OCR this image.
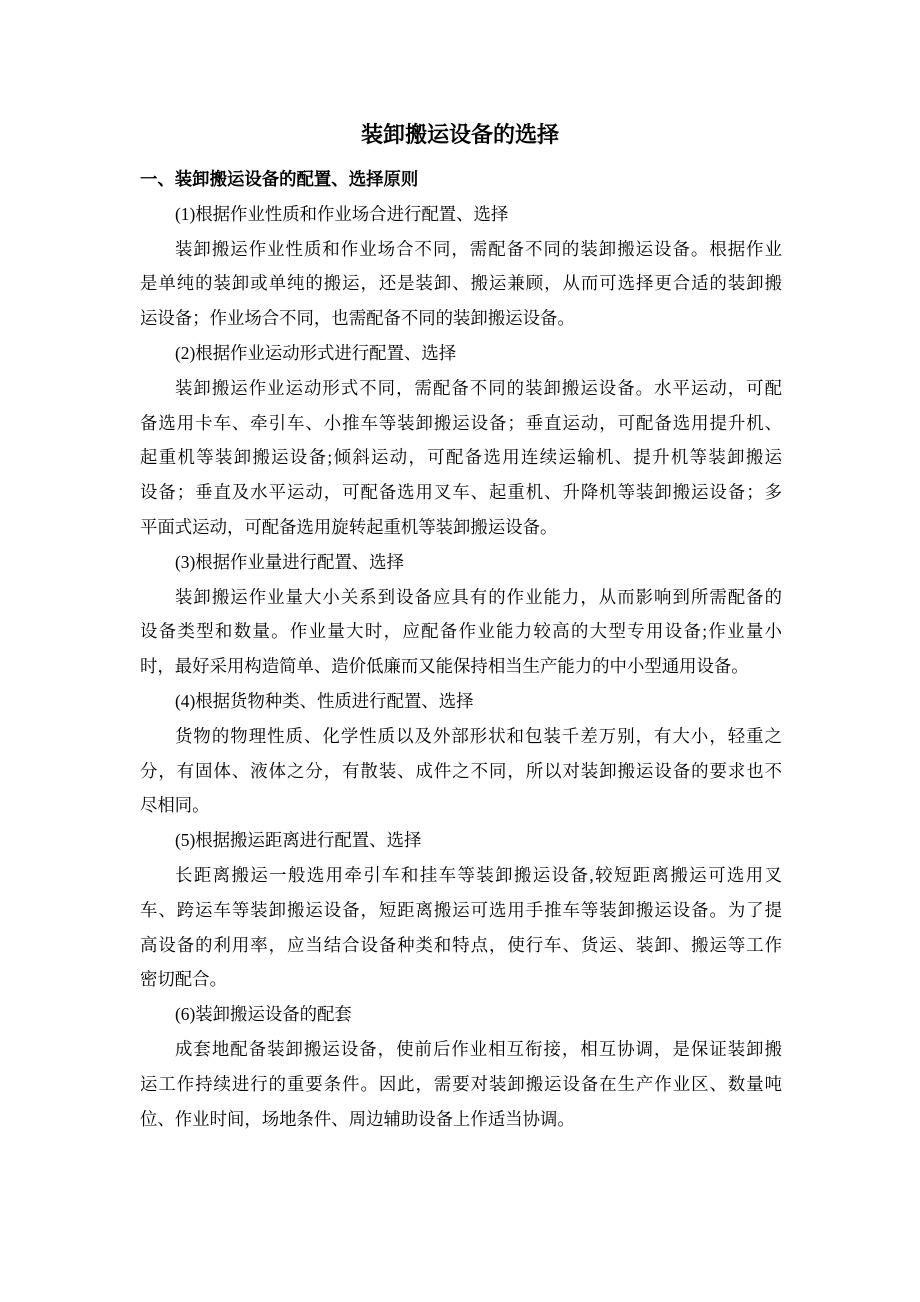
装卸搬运设备的选择
一、装卸搬运设备的配置、选择原则
(1)根据作业性质和作业场合进行配置、选择
装卸搬运作业性质和作业场合不同，需配备不同的装卸搬运设备。根据作业
是单纯的装卸或单纯的搬运，还是装卸、搬运兼顾，从而可选择更合适的装卸搬
运设备；作业场合不同，也需配备不同的装卸搬运设备。
(2)根据作业运动形式进行配置、选择
装卸搬运作业运动形式不同，需配备不同的装卸搬运设备。水平运动，可配
备选用卡车、牵引车、小推车等装卸搬运设备；垂直运动，可配备选用提升机、
起重机等装卸搬运设备;倾斜运动，可配备选用连续运输机、提升机等装卸搬运
设备；垂直及水平运动，可配备选用叉车、起重机、升降机等装卸搬运设备；多
平面式运动，可配备选用旋转起重机等装卸搬运设备。
(3)根据作业量进行配置、选择
装卸搬运作业量大小关系到设备应具有的作业能力，从而影响到所需配备的
设备类型和数量。作业量大时，应配备作业能力较高的大型专用设备;作业量小
时，最好采用构造简单、造价低廉而又能保持相当生产能力的中小型通用设备。
(4)根据货物种类、性质进行配置、选择
货物的物理性质、化学性质以及外部形状和包装千差万别，有大小，轻重之
分，有固体、液体之分，有散装、成件之不同，所以对装卸搬运设备的要求也不
尽相同。
(5)根据搬运距离进行配置、选择
长距离搬运一般选用牵引车和挂车等装卸搬运设备,较短距离搬运可选用叉
车、跨运车等装卸搬运设备，短距离搬运可选用手推车等装卸搬运设备。为了提
高设备的利用率，应当结合设备种类和特点，使行车、货运、装卸、搬运等工作
密切配合。
(6)装卸搬运设备的配套
成套地配备装卸搬运设备，使前后作业相互衔接，相互协调，是保证装卸搬
运工作持续进行的重要条件。因此，需要对装卸搬运设备在生产作业区、数量吨
位、作业时间，场地条件、周边辅助设备上作适当协调。
